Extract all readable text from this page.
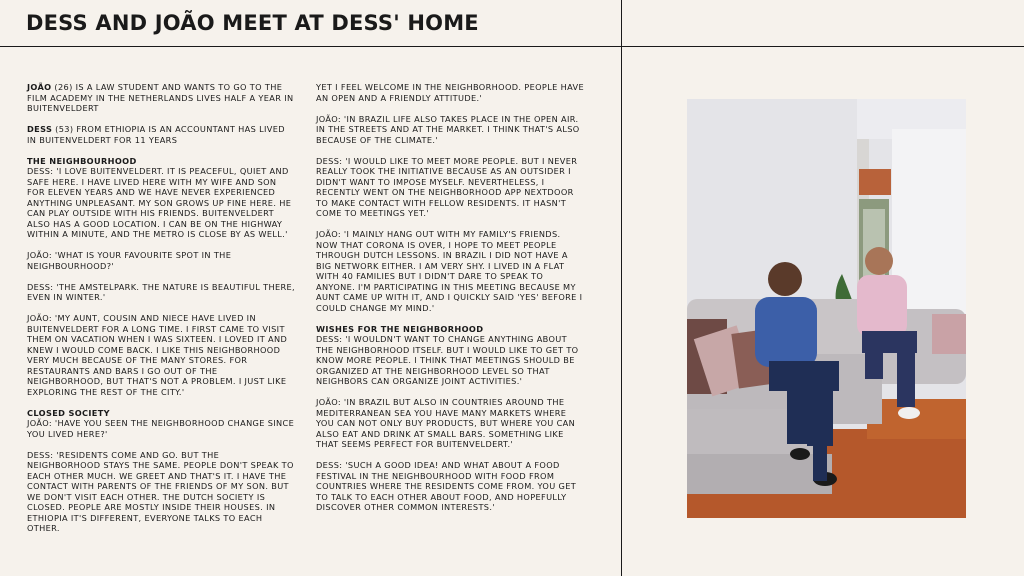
DESS AND JOÃO MEET AT DESS' HOME

JOÃO (26) IS A LAW STUDENT AND WANTS TO GO TO THE FILM ACADEMY IN THE NETHERLANDS LIVES HALF A YEAR IN BUITENVELDERT

DESS (53) FROM ETHIOPIA IS AN ACCOUNTANT HAS LIVED IN BUITENVELDERT FOR 11 YEARS

THE NEIGHBOURHOOD
DESS: 'I LOVE BUITENVELDERT. IT IS PEACEFUL, QUIET AND SAFE HERE. I HAVE LIVED HERE WITH MY WIFE AND SON FOR ELEVEN YEARS AND WE HAVE NEVER EXPERIENCED ANYTHING UNPLEASANT. MY SON GROWS UP FINE HERE. HE CAN PLAY OUTSIDE WITH HIS FRIENDS. BUITENVELDERT ALSO HAS A GOOD LOCATION. I CAN BE ON THE HIGHWAY WITHIN A MINUTE, AND THE METRO IS CLOSE BY AS WELL.'

JOÃO: 'WHAT IS YOUR FAVOURITE SPOT IN THE NEIGHBOURHOOD?'

DESS: 'THE AMSTELPARK. THE NATURE IS BEAUTIFUL THERE, EVEN IN WINTER.'

JOÃO: 'MY AUNT, COUSIN AND NIECE HAVE LIVED IN BUITENVELDERT FOR A LONG TIME. I FIRST CAME TO VISIT THEM ON VACATION WHEN I WAS SIXTEEN. I LOVED IT AND KNEW I WOULD COME BACK. I LIKE THIS NEIGHBORHOOD VERY MUCH BECAUSE OF THE MANY STORES. FOR RESTAURANTS AND BARS I GO OUT OF THE NEIGHBORHOOD, BUT THAT'S NOT A PROBLEM. I JUST LIKE EXPLORING THE REST OF THE CITY.'

CLOSED SOCIETY
JOÃO: 'HAVE YOU SEEN THE NEIGHBORHOOD CHANGE SINCE YOU LIVED HERE?'

DESS: 'RESIDENTS COME AND GO. BUT THE NEIGHBORHOOD STAYS THE SAME. PEOPLE DON'T SPEAK TO EACH OTHER MUCH. WE GREET AND THAT'S IT. I HAVE THE CONTACT WITH PARENTS OF THE FRIENDS OF MY SON. BUT WE DON'T VISIT EACH OTHER. THE DUTCH SOCIETY IS CLOSED. PEOPLE ARE MOSTLY INSIDE THEIR HOUSES. IN ETHIOPIA IT'S DIFFERENT, EVERYONE TALKS TO EACH OTHER.

YET I FEEL WELCOME IN THE NEIGHBORHOOD. PEOPLE HAVE AN OPEN AND A FRIENDLY ATTITUDE.'

JOÃO: 'IN BRAZIL LIFE ALSO TAKES PLACE IN THE OPEN AIR. IN THE STREETS AND AT THE MARKET. I THINK THAT'S ALSO BECAUSE OF THE CLIMATE.'

DESS: 'I WOULD LIKE TO MEET MORE PEOPLE. BUT I NEVER REALLY TOOK THE INITIATIVE BECAUSE AS AN OUTSIDER I DIDN'T WANT TO IMPOSE MYSELF. NEVERTHELESS, I RECENTLY WENT ON THE NEIGHBORHOOD APP NEXTDOOR TO MAKE CONTACT WITH FELLOW RESIDENTS. IT HASN'T COME TO MEETINGS YET.'

JOÃO: 'I MAINLY HANG OUT WITH MY FAMILY'S FRIENDS. NOW THAT CORONA IS OVER, I HOPE TO MEET PEOPLE THROUGH DUTCH LESSONS. IN BRAZIL I DID NOT HAVE A BIG NETWORK EITHER. I AM VERY SHY. I LIVED IN A FLAT WITH 40 FAMILIES BUT I DIDN'T DARE TO SPEAK TO ANYONE. I'M PARTICIPATING IN THIS MEETING BECAUSE MY AUNT CAME UP WITH IT, AND I QUICKLY SAID 'YES' BEFORE I COULD CHANGE MY MIND.'

WISHES FOR THE NEIGHBORHOOD
DESS: 'I WOULDN'T WANT TO CHANGE ANYTHING ABOUT THE NEIGHBORHOOD ITSELF. BUT I WOULD LIKE TO GET TO KNOW MORE PEOPLE. I THINK THAT MEETINGS SHOULD BE ORGANIZED AT THE NEIGHBORHOOD LEVEL SO THAT NEIGHBORS CAN ORGANIZE JOINT ACTIVITIES.'

JOÃO: 'IN BRAZIL BUT ALSO IN COUNTRIES AROUND THE MEDITERRANEAN SEA YOU HAVE MANY MARKETS WHERE YOU CAN NOT ONLY BUY PRODUCTS, BUT WHERE YOU CAN ALSO EAT AND DRINK AT SMALL BARS. SOMETHING LIKE THAT SEEMS PERFECT FOR BUITENVELDERT.'

DESS: 'SUCH A GOOD IDEA! AND WHAT ABOUT A FOOD FESTIVAL IN THE NEIGHBOURHOOD WITH FOOD FROM COUNTRIES WHERE THE RESIDENTS COME FROM. YOU GET TO TALK TO EACH OTHER ABOUT FOOD, AND HOPEFULLY DISCOVER OTHER COMMON INTERESTS.'
